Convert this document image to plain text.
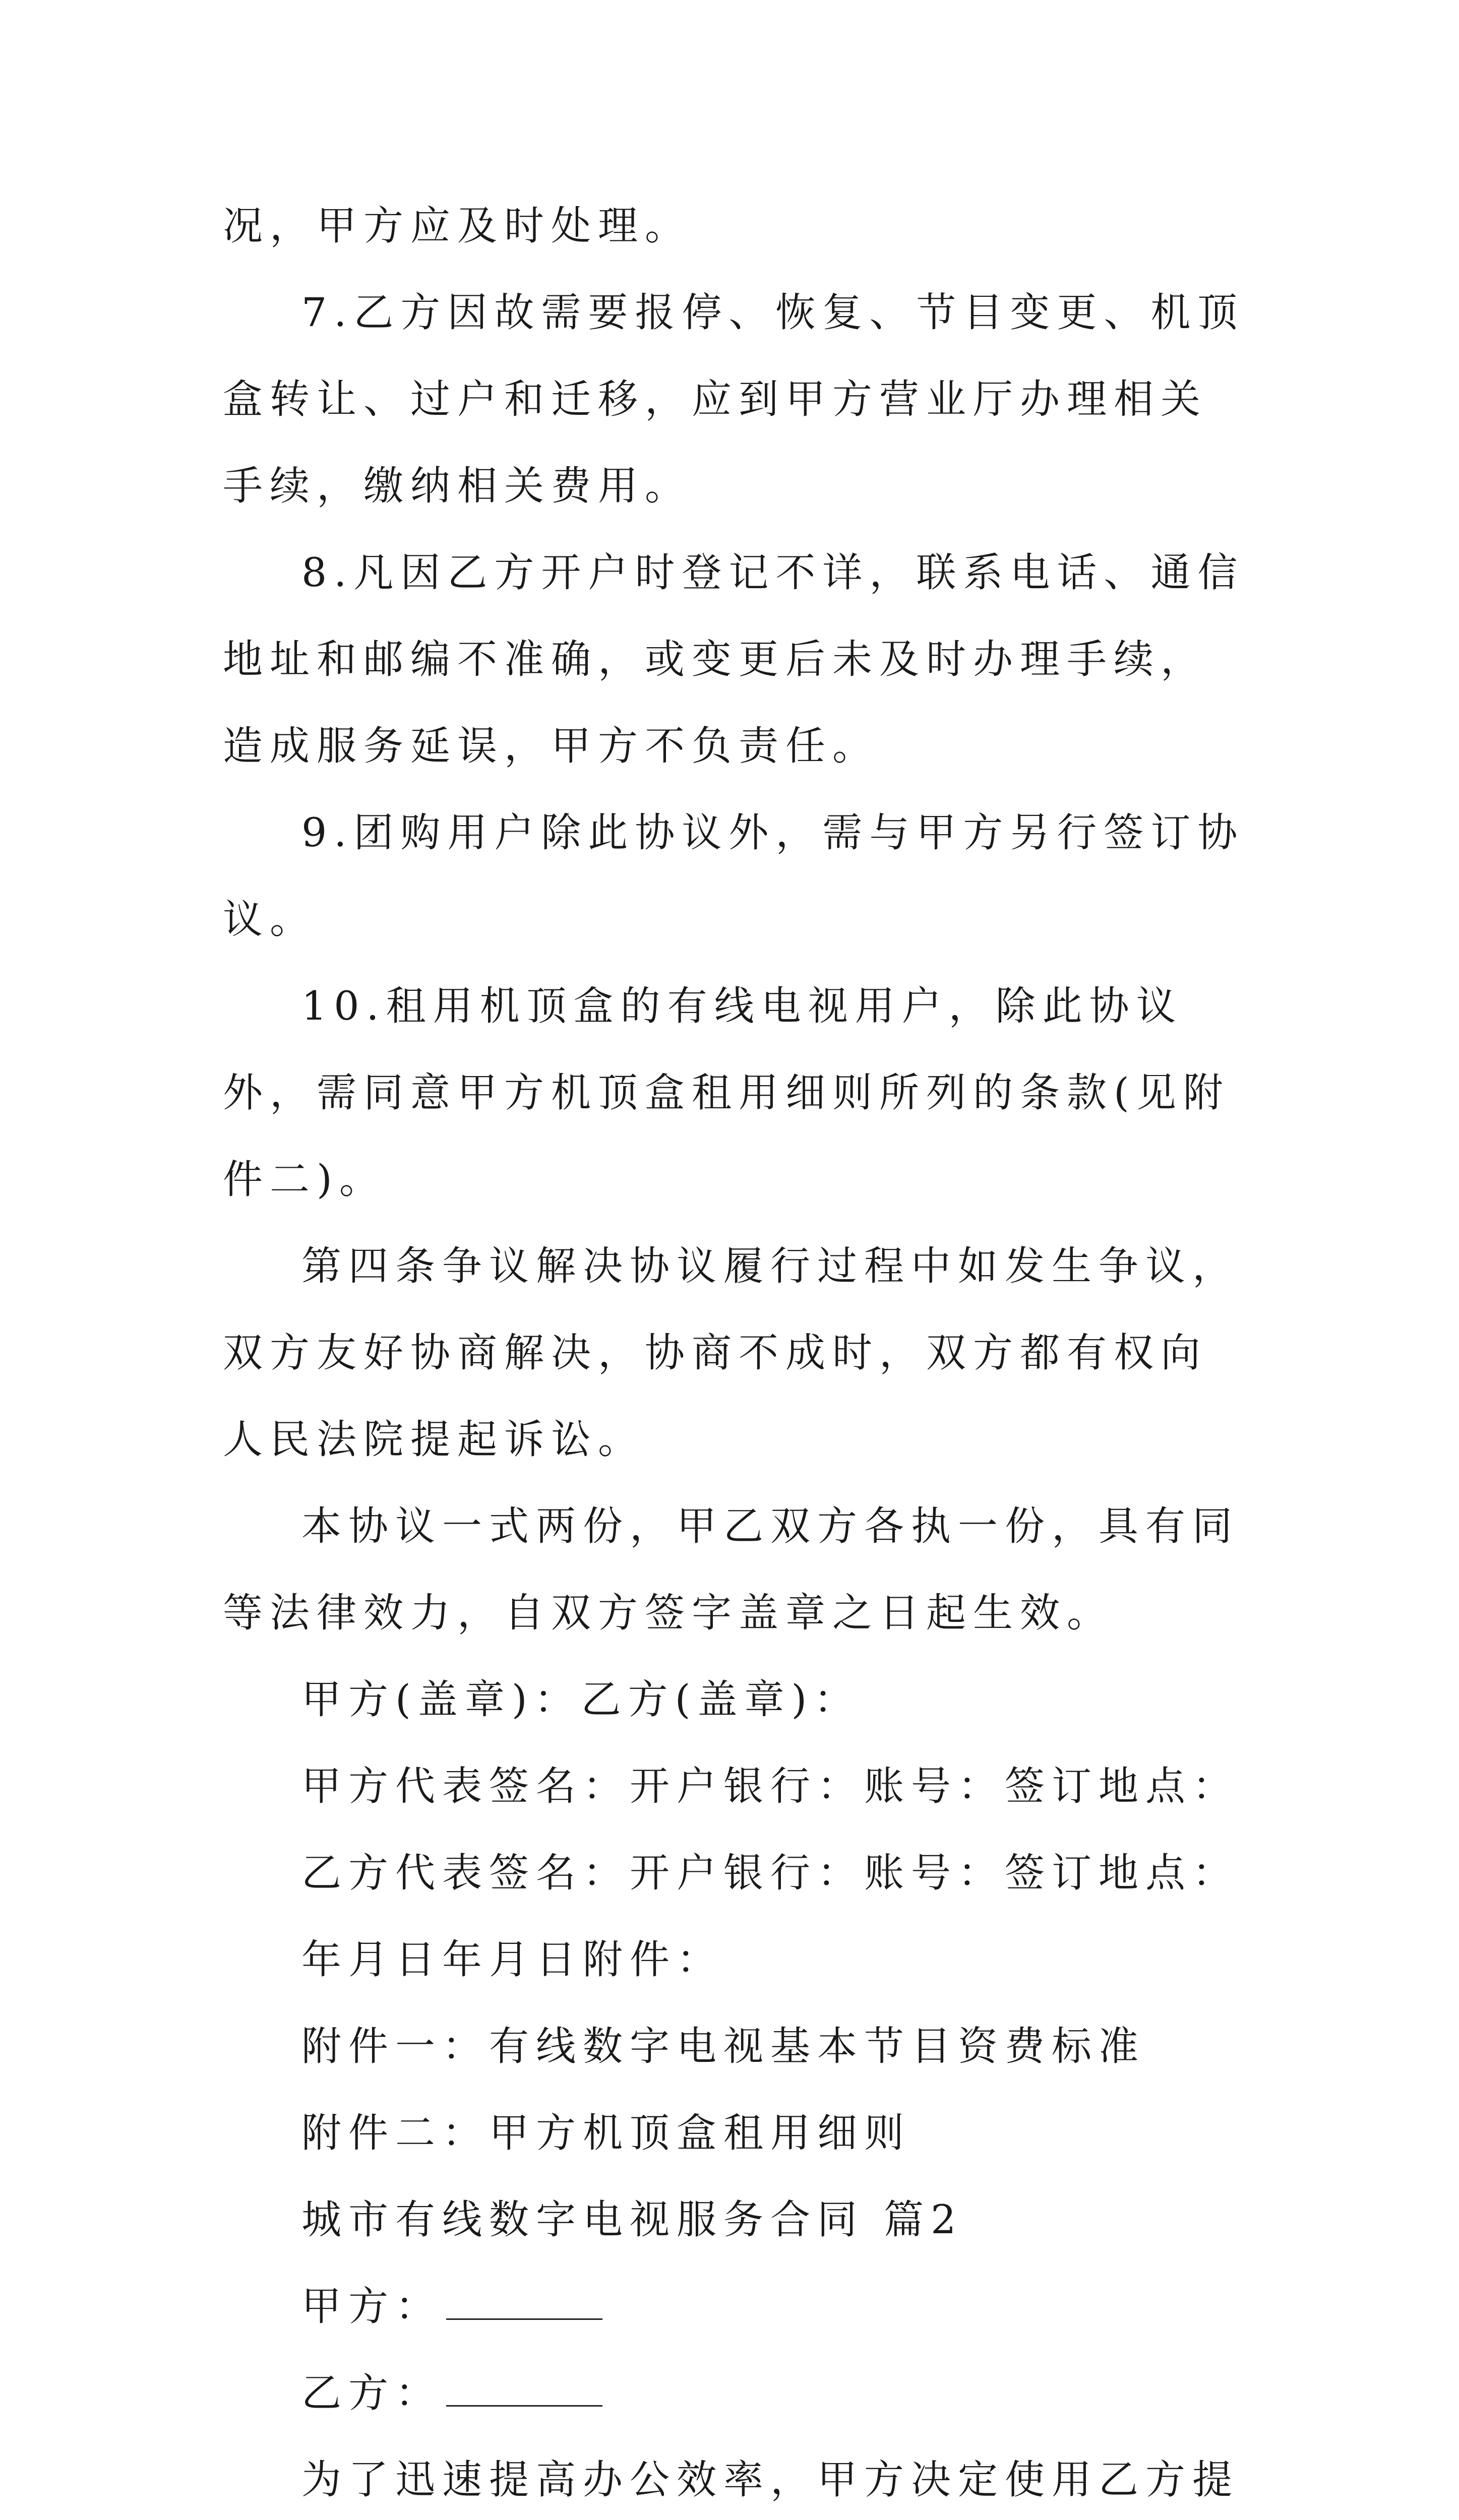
况，甲方应及时处理。

7.乙方因故需要报停、恢复、节目变更、机顶盒转让、过户和迁移，应到甲方营业厅办理相关手续，缴纳相关费用。

8.凡因乙方开户时登记不详，联系电话、通信地址和邮编不准确，或变更后未及时办理手续，造成服务延误，甲方不负责任。

9.团购用户除此协议外，需与甲方另行签订协议。

10.租用机顶盒的有线电视用户，除此协议外，需同意甲方机顶盒租用细则所列的条款(见附件二)。

第四条争议解决协议履行过程中如发生争议，双方友好协商解决，协商不成时，双方都有权向人民法院提起诉讼。

本协议一式两份，甲乙双方各执一份，具有同等法律效力，自双方签字盖章之日起生效。

甲方(盖章)：乙方(盖章)：

甲方代表签名：开户银行：账号：签订地点：

乙方代表签名：开户银行：账号：签订地点：

年月日年月日附件：

附件一：有线数字电视基本节目资费标准

附件二：甲方机顶盒租用细则

城市有线数字电视服务合同 篇2

甲方：

乙方：

为了迅速提高办公效率，甲方决定使用乙方提
